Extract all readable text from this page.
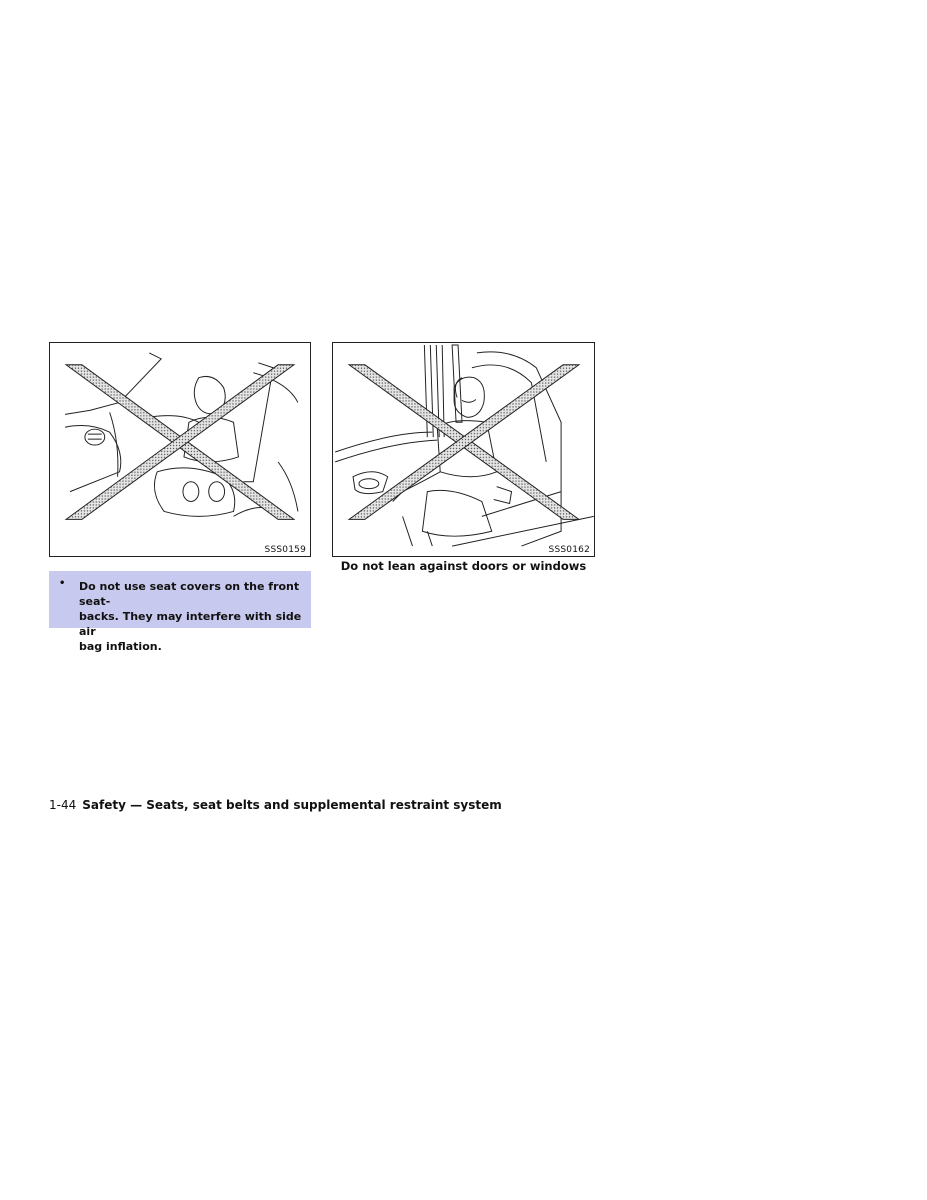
SSS0159	SSS0162
Do not lean against doors or windows
• Do not use seat covers on the front seat-
backs. They may interfere with side air
bag inflation.

1-44 Safety — Seats, seat belts and supplemental restraint system
